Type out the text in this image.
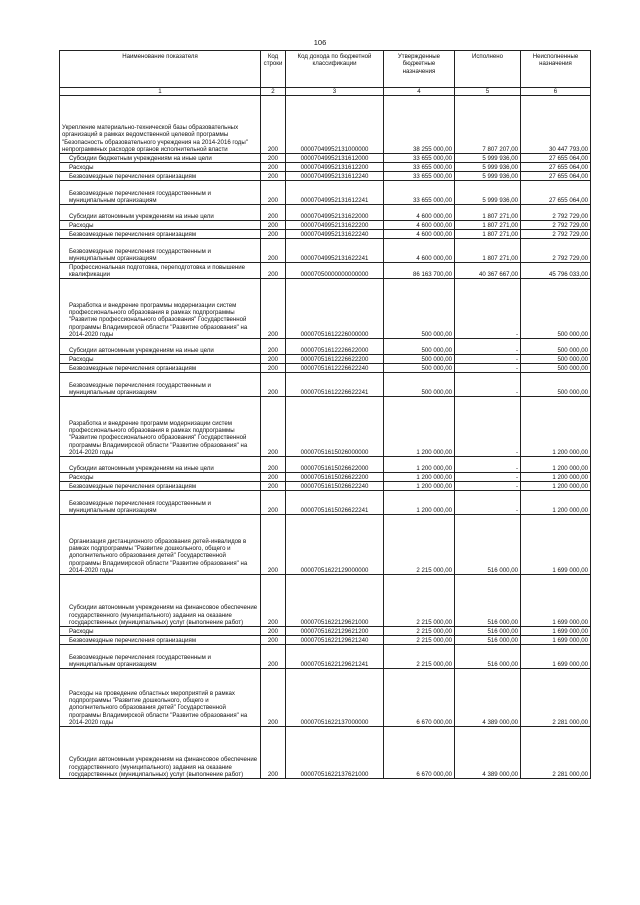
106
Наименование показателя	Код строки	Код дохода по бюджетной классификации	Утвержденные бюджетные назначения	Исполнено	Неисполненные назначения
1	2	3	4	5	6
Укрепление материально-технической базы образовательных организаций в рамках ведомственной целевой программы "Безопасность образовательного учреждения на 2014-2016 годы" непрограммных расходов органов исполнительной власти	200	00007049952131000000	38 255 000,00	7 807 207,00	30 447 793,00
Субсидии бюджетным учреждениям на иные цели	200	00007049952131612000	33 655 000,00	5 999 936,00	27 655 064,00
Расходы	200	00007049952131612200	33 655 000,00	5 999 936,00	27 655 064,00
Безвозмездные перечисления организациям	200	00007049952131612240	33 655 000,00	5 999 936,00	27 655 064,00
Безвозмездные перечисления государственным и муниципальным организациям	200	00007049952131612241	33 655 000,00	5 999 936,00	27 655 064,00
Субсидии автономным учреждениям на иные цели	200	00007049952131622000	4 600 000,00	1 807 271,00	2 792 729,00
Расходы	200	00007049952131622200	4 600 000,00	1 807 271,00	2 792 729,00
Безвозмездные перечисления организациям	200	00007049952131622240	4 600 000,00	1 807 271,00	2 792 729,00
Безвозмездные перечисления государственным и муниципальным организациям	200	00007049952131622241	4 600 000,00	1 807 271,00	2 792 729,00
Профессиональная подготовка, переподготовка и повышение квалификации	200	00007050000000000000	86 163 700,00	40 367 667,00	45 796 033,00
Разработка и внедрение программы модернизации систем профессионального образования в рамках подпрограммы "Развитие профессионального образования" Государственной программы Владимирской области "Развитие образования" на 2014-2020 годы	200	00007051612226000000	500 000,00	-	500 000,00
Субсидии автономным учреждениям на иные цели	200	00007051612226622000	500 000,00	-	500 000,00
Расходы	200	00007051612226622200	500 000,00	-	500 000,00
Безвозмездные перечисления организациям	200	00007051612226622240	500 000,00	-	500 000,00
Безвозмездные перечисления государственным и муниципальным организациям	200	00007051612226622241	500 000,00	-	500 000,00
Разработка и внедрение программ модернизации систем профессионального образования в рамках подпрограммы "Развитие профессионального образования" Государственной программы Владимирской области "Развитие образования" на 2014-2020 годы	200	00007051615026000000	1 200 000,00	-	1 200 000,00
Субсидии автономным учреждениям на иные цели	200	00007051615026622000	1 200 000,00	-	1 200 000,00
Расходы	200	00007051615026622200	1 200 000,00	-	1 200 000,00
Безвозмездные перечисления организациям	200	00007051615026622240	1 200 000,00	-	1 200 000,00
Безвозмездные перечисления государственным и муниципальным организациям	200	00007051615026622241	1 200 000,00	-	1 200 000,00
Организация дистанционного образования детей-инвалидов в рамках подпрограммы "Развитие дошкольного, общего и дополнительного образования детей" Государственной программы Владимирской области "Развитие образования" на 2014-2020 годы	200	00007051622129000000	2 215 000,00	516 000,00	1 699 000,00
Субсидии автономным учреждениям на финансовое обеспечение государственного (муниципального) задания на оказание государственных (муниципальных) услуг (выполнение работ)	200	00007051622129621000	2 215 000,00	516 000,00	1 699 000,00
Расходы	200	00007051622129621200	2 215 000,00	516 000,00	1 699 000,00
Безвозмездные перечисления организациям	200	00007051622129621240	2 215 000,00	516 000,00	1 699 000,00
Безвозмездные перечисления государственным и муниципальным организациям	200	00007051622129621241	2 215 000,00	516 000,00	1 699 000,00
Расходы на проведение областных мероприятий в рамках подпрограммы "Развитие дошкольного, общего и дополнительного образования детей" Государственной программы Владимирской области "Развитие образования" на 2014-2020 годы	200	00007051622137000000	6 670 000,00	4 389 000,00	2 281 000,00
Субсидии автономным учреждениям на финансовое обеспечение государственного (муниципального) задания на оказание государственных (муниципальных) услуг (выполнение работ)	200	00007051622137621000	6 670 000,00	4 389 000,00	2 281 000,00
